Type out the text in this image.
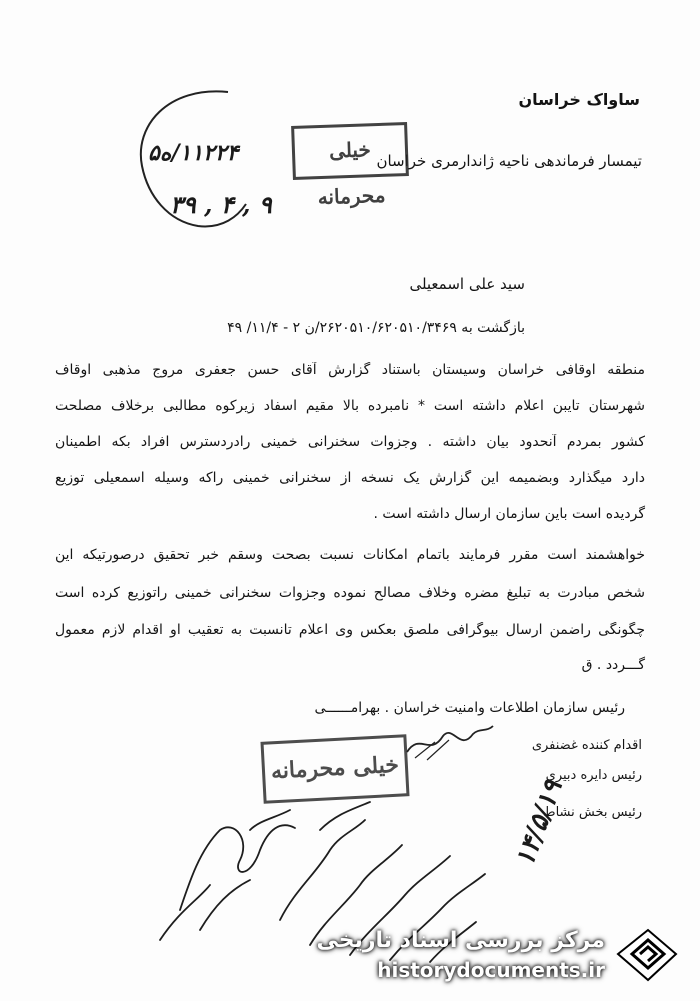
ساواک خراسان
تیمسار فرماندهی ناحیه ژاندارمری خراسان
خیلی محرمانه
۱۱۲۲۴/ه۵
۹ , ۴ , ۳۹
سید علی اسمعیلی
بازگشت به ۲۶۲۰۵۱۰/۶۲۰۵۱۰/۳۴۶۹/ن ۲ - ۱۱/۴/ ۴۹
منطقه اوقافی خراسان وسیستان باستناد گزارش آقای حسن جعفری مروج مذهبی اوقاف
شهرستان تایبن اعلام داشته است * نامبرده بالا مقیم اسفاد زیرکوه مطالبی برخلاف مصلحت
کشور بمردم آنحدود بیان داشته . وجزوات سخنرانی خمینی رادردسترس افراد بکه اطمینان
دارد میگذارد وبضمیمه این گزارش یک نسخه از سخنرانی خمینی راکه وسیله اسمعیلی توزیع
گردیده است باین سازمان ارسال داشته است .
خواهشمند است مقرر فرمایند باتمام امکانات نسبت بصحت وسقم خبر تحقیق درصورتیکه این
شخص مبادرت به تبلیغ مضره وخلاف مصالح نموده وجزوات سخنرانی خمینی راتوزیع کرده است
چگونگی راضمن ارسال بیوگرافی ملصق بعکس وی اعلام تانسبت به تعقیب او اقدام لازم معمول
گـــردد . ق
رئیس سازمان اطلاعات وامنیت خراسان . بهرامــــــی
خیلی محرمانه
اقدام کننده غضنفری
رئیس دایره دبیری
رئیس بخش نشاط
۱۴/۵/۱۹
مرکز بررسی اسناد تاریخی
historydocuments.ir
